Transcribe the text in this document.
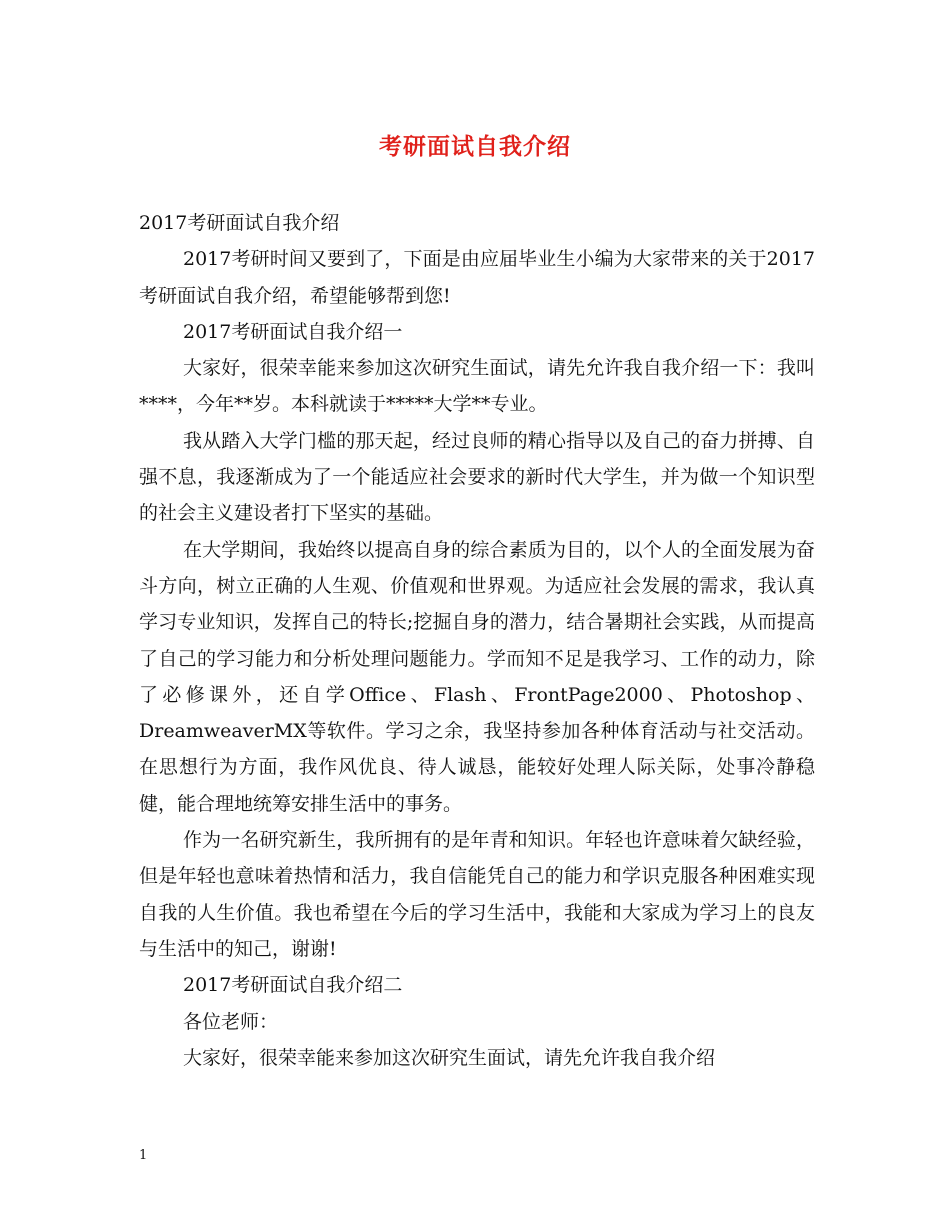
考研面试自我介绍

2017考研面试自我介绍

2017考研时间又要到了，下面是由应届毕业生小编为大家带来的关于2017考研面试自我介绍，希望能够帮到您!

2017考研面试自我介绍一

大家好，很荣幸能来参加这次研究生面试，请先允许我自我介绍一下：我叫****，今年**岁。本科就读于*****大学**专业。

我从踏入大学门槛的那天起，经过良师的精心指导以及自己的奋力拼搏、自强不息，我逐渐成为了一个能适应社会要求的新时代大学生，并为做一个知识型的社会主义建设者打下坚实的基础。

在大学期间，我始终以提高自身的综合素质为目的，以个人的全面发展为奋斗方向，树立正确的人生观、价值观和世界观。为适应社会发展的需求，我认真学习专业知识，发挥自己的特长;挖掘自身的潜力，结合暑期社会实践，从而提高了自己的学习能力和分析处理问题能力。学而知不足是我学习、工作的动力，除了必修课外，还自学Office、Flash、FrontPage2000、Photoshop、DreamweaverMX等软件。学习之余，我坚持参加各种体育活动与社交活动。在思想行为方面，我作风优良、待人诚恳，能较好处理人际关际，处事冷静稳健，能合理地统筹安排生活中的事务。

作为一名研究新生，我所拥有的是年青和知识。年轻也许意味着欠缺经验，但是年轻也意味着热情和活力，我自信能凭自己的能力和学识克服各种困难实现自我的人生价值。我也希望在今后的学习生活中，我能和大家成为学习上的良友与生活中的知己，谢谢!

2017考研面试自我介绍二

各位老师：

大家好，很荣幸能来参加这次研究生面试，请先允许我自我介绍

1
